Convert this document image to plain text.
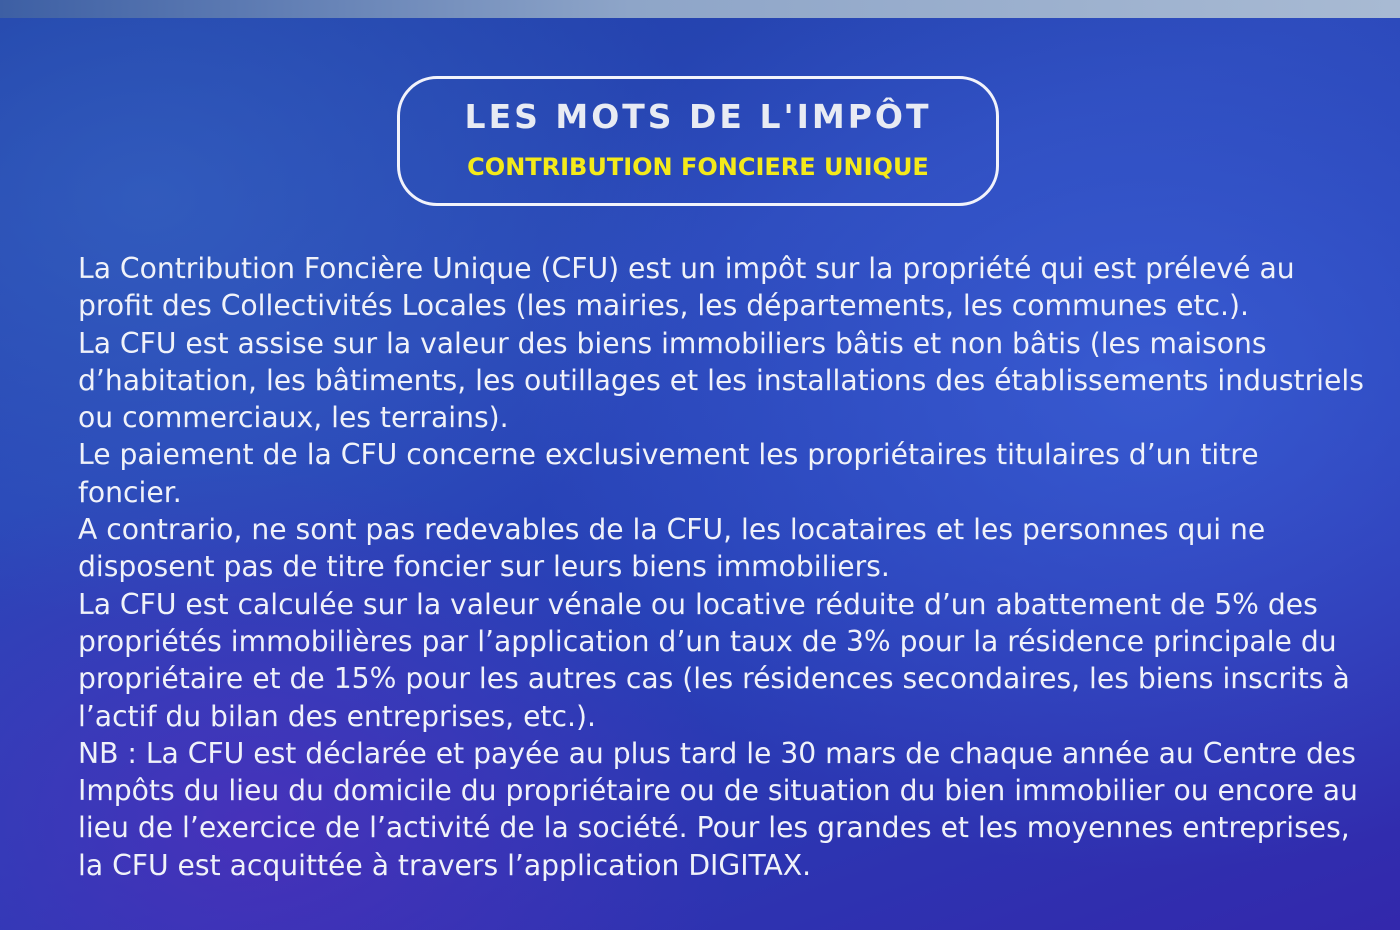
LES MOTS DE L'IMPÔT
CONTRIBUTION FONCIERE UNIQUE

La Contribution Foncière Unique (CFU) est un impôt sur la propriété qui est prélevé au profit des Collectivités Locales (les mairies, les départements, les communes etc.).

La CFU est assise sur la valeur des biens immobiliers bâtis et non bâtis (les maisons d’habitation, les bâtiments, les outillages et les installations des établissements industriels ou commerciaux, les terrains).

Le paiement de la CFU concerne exclusivement les propriétaires titulaires d’un titre foncier.

A contrario, ne sont pas redevables de la CFU, les locataires et les personnes qui ne disposent pas de titre foncier sur leurs biens immobiliers.

La CFU est calculée sur la valeur vénale ou locative réduite d’un abattement de 5% des propriétés immobilières par l’application d’un taux de 3% pour la résidence principale du propriétaire et de 15% pour les autres cas (les résidences secondaires, les biens inscrits à l’actif du bilan des entreprises, etc.).

NB : La CFU est déclarée et payée au plus tard le 30 mars de chaque année au Centre des Impôts du lieu du domicile du propriétaire ou de situation du bien immobilier ou encore au lieu de l’exercice de l’activité de la société. Pour les grandes et les moyennes entreprises, la CFU est acquittée à travers l’application DIGITAX.
